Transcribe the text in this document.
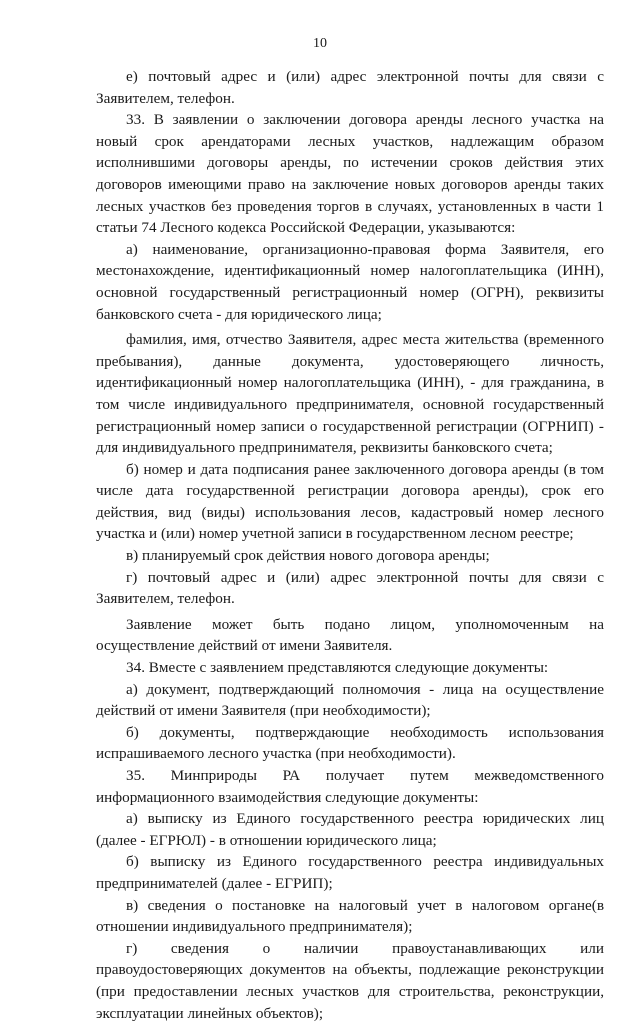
10

е) почтовый адрес и (или) адрес электронной почты для связи с Заявителем, телефон.

33. В заявлении о заключении договора аренды лесного участка на новый срок арендаторами лесных участков, надлежащим образом исполнившими договоры аренды, по истечении сроков действия этих договоров имеющими право на заключение новых договоров аренды таких лесных участков без проведения торгов в случаях, установленных в части 1 статьи 74 Лесного кодекса Российской Федерации, указываются:

а) наименование, организационно-правовая форма Заявителя, его местонахождение, идентификационный номер налогоплательщика (ИНН), основной государственный регистрационный номер (ОГРН), реквизиты банковского счета - для юридического лица;

фамилия, имя, отчество Заявителя, адрес места жительства (временного пребывания), данные документа, удостоверяющего личность, идентификационный номер налогоплательщика (ИНН), - для гражданина, в том числе индивидуального предпринимателя, основной государственный регистрационный номер записи о государственной регистрации (ОГРНИП) - для индивидуального предпринимателя, реквизиты банковского счета;

б) номер и дата подписания ранее заключенного договора аренды (в том числе дата государственной регистрации договора аренды), срок его действия, вид (виды) использования лесов, кадастровый номер лесного участка и (или) номер учетной записи в государственном лесном реестре;

в) планируемый срок действия нового договора аренды;

г) почтовый адрес и (или) адрес электронной почты для связи с Заявителем, телефон.

Заявление может быть подано лицом, уполномоченным на осуществление действий от имени Заявителя.

34. Вместе с заявлением представляются следующие документы:

а) документ, подтверждающий полномочия - лица на осуществление действий от имени Заявителя (при необходимости);

б) документы, подтверждающие необходимость использования испрашиваемого лесного участка (при необходимости).

35. Минприроды РА получает путем межведомственного информационного взаимодействия следующие документы:

а) выписку из Единого государственного реестра юридических лиц (далее - ЕГРЮЛ) - в отношении юридического лица;

б) выписку из Единого государственного реестра индивидуальных предпринимателей (далее - ЕГРИП);

в) сведения о постановке на налоговый учет в налоговом органе(в отношении индивидуального предпринимателя);

г) сведения о наличии правоустанавливающих или правоудостоверяющих документов на объекты, подлежащие реконструкции (при предоставлении лесных участков для строительства, реконструкции, эксплуатации линейных объектов);
